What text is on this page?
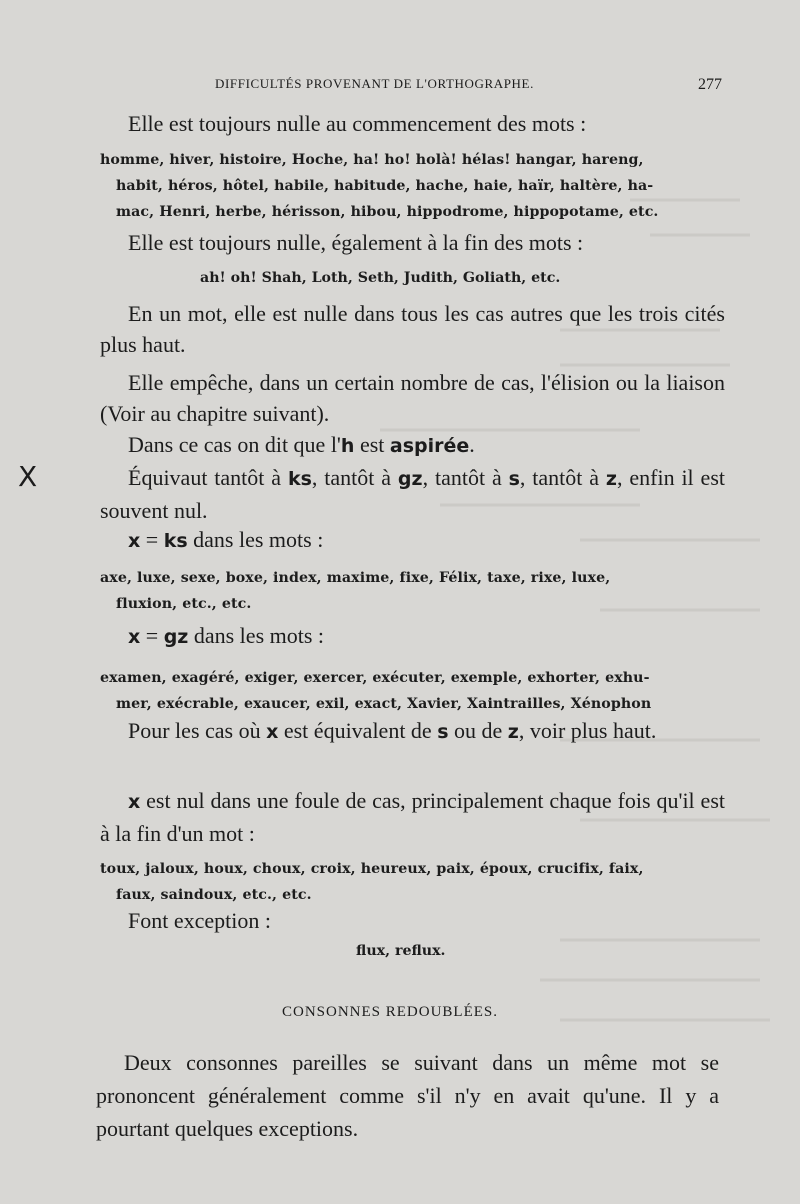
DIFFICULTÉS PROVENANT DE L'ORTHOGRAPHE.	277
X
Elle est toujours nulle au commencement des mots :
homme, hiver, histoire, Hoche, ha! ho! holà! hélas! hangar, hareng,
habit, héros, hôtel, habile, habitude, hache, haie, haïr, haltère, ha-
mac, Henri, herbe, hérisson, hibou, hippodrome, hippopotame, etc.
Elle est toujours nulle, également à la fin des mots :
ah! oh! Shah, Loth, Seth, Judith, Goliath, etc.
En un mot, elle est nulle dans tous les cas autres que les trois cités plus haut.
Elle empêche, dans un certain nombre de cas, l'élision ou la liaison (Voir au chapitre suivant).
Dans ce cas on dit que l'h est aspirée.
Équivaut tantôt à ks, tantôt à gz, tantôt à s, tantôt à z, enfin il est souvent nul.
x = ks dans les mots :
axe, luxe, sexe, boxe, index, maxime, fixe, Félix, taxe, rixe, luxe,
fluxion, etc., etc.
x = gz dans les mots :
examen, exagéré, exiger, exercer, exécuter, exemple, exhorter, exhu-
mer, exécrable, exaucer, exil, exact, Xavier, Xaintrailles, Xénophon
Pour les cas où x est équivalent de s ou de z, voir plus haut.
x est nul dans une foule de cas, principalement chaque fois qu'il est à la fin d'un mot :
toux, jaloux, houx, choux, croix, heureux, paix, époux, crucifix, faix,
faux, saindoux, etc., etc.
Font exception :
flux, reflux.
CONSONNES REDOUBLÉES.
Deux consonnes pareilles se suivant dans un même mot se prononcent généralement comme s'il n'y en avait qu'une. Il y a pourtant quelques exceptions.
